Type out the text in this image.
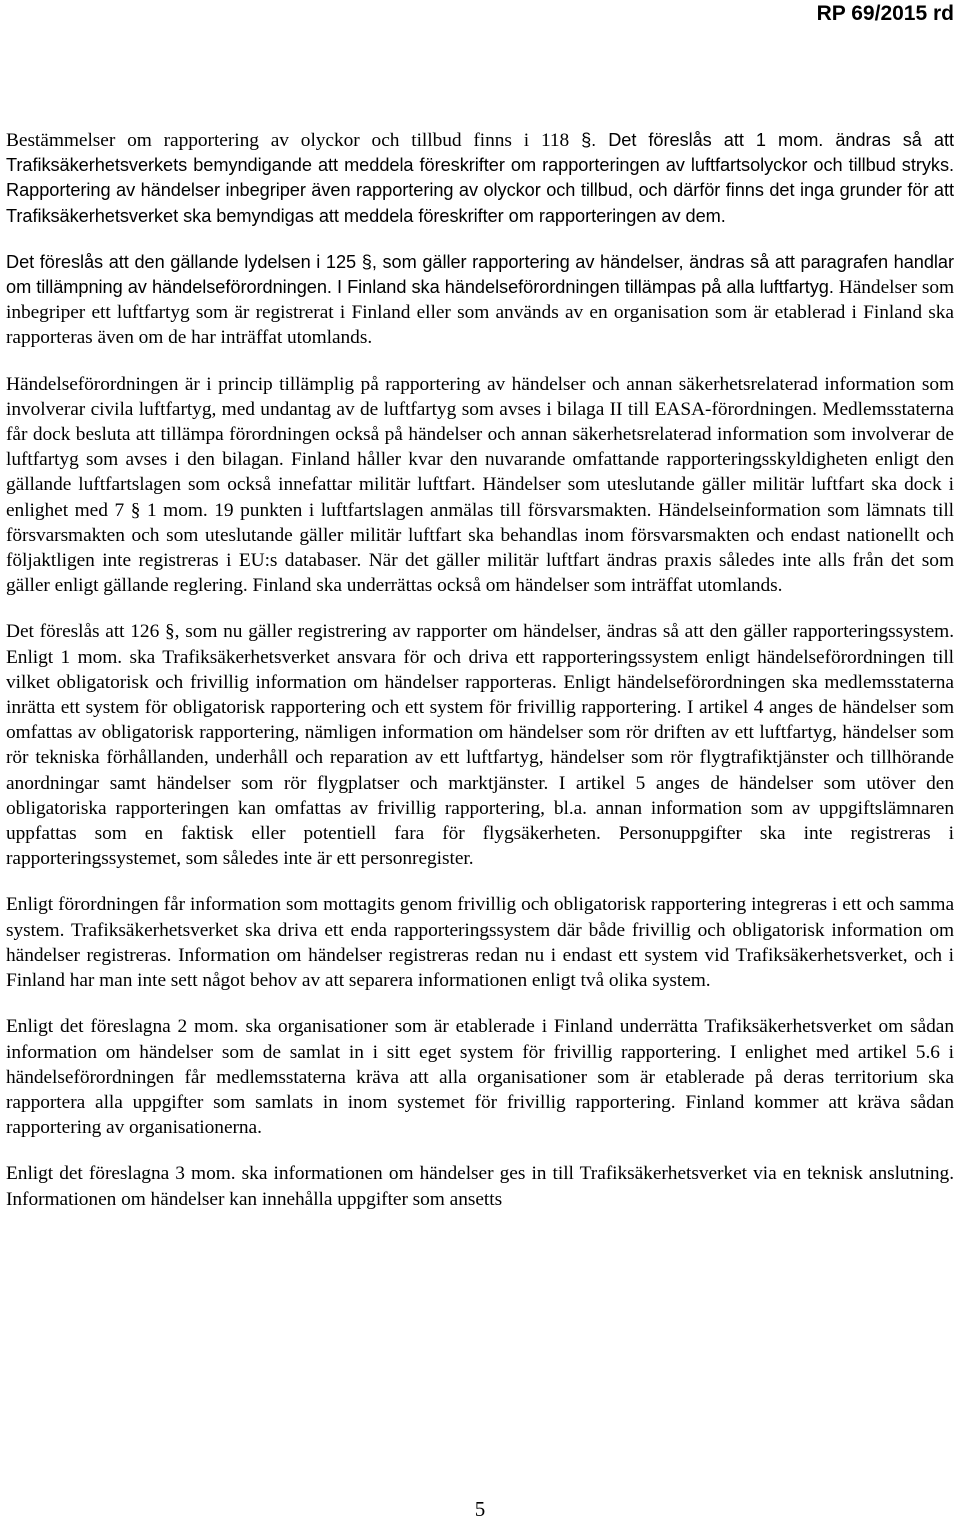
RP 69/2015 rd

Bestämmelser om rapportering av olyckor och tillbud finns i 118 §. Det föreslås att 1 mom. ändras så att Trafiksäkerhetsverkets bemyndigande att meddela föreskrifter om rapporteringen av luftfartsolyckor och tillbud stryks. Rapportering av händelser inbegriper även rapportering av olyckor och tillbud, och därför finns det inga grunder för att Trafiksäkerhetsverket ska bemyndigas att meddela föreskrifter om rapporteringen av dem.

Det föreslås att den gällande lydelsen i 125 §, som gäller rapportering av händelser, ändras så att paragrafen handlar om tillämpning av händelseförordningen. I Finland ska händelseförordningen tillämpas på alla luftfartyg. Händelser som inbegriper ett luftfartyg som är registrerat i Finland eller som används av en organisation som är etablerad i Finland ska rapporteras även om de har inträffat utomlands.

Händelseförordningen är i princip tillämplig på rapportering av händelser och annan säkerhetsrelaterad information som involverar civila luftfartyg, med undantag av de luftfartyg som avses i bilaga II till EASA-förordningen. Medlemsstaterna får dock besluta att tillämpa förordningen också på händelser och annan säkerhetsrelaterad information som involverar de luftfartyg som avses i den bilagan. Finland håller kvar den nuvarande omfattande rapporteringsskyldigheten enligt den gällande luftfartslagen som också innefattar militär luftfart. Händelser som uteslutande gäller militär luftfart ska dock i enlighet med 7 § 1 mom. 19 punkten i luftfartslagen anmälas till försvarsmakten. Händelseinformation som lämnats till försvarsmakten och som uteslutande gäller militär luftfart ska behandlas inom försvarsmakten och endast nationellt och följaktligen inte registreras i EU:s databaser. När det gäller militär luftfart ändras praxis således inte alls från det som gäller enligt gällande reglering. Finland ska underrättas också om händelser som inträffat utomlands.

Det föreslås att 126 §, som nu gäller registrering av rapporter om händelser, ändras så att den gäller rapporteringssystem. Enligt 1 mom. ska Trafiksäkerhetsverket ansvara för och driva ett rapporteringssystem enligt händelseförordningen till vilket obligatorisk och frivillig information om händelser rapporteras. Enligt händelseförordningen ska medlemsstaterna inrätta ett system för obligatorisk rapportering och ett system för frivillig rapportering. I artikel 4 anges de händelser som omfattas av obligatorisk rapportering, nämligen information om händelser som rör driften av ett luftfartyg, händelser som rör tekniska förhållanden, underhåll och reparation av ett luftfartyg, händelser som rör flygtrafiktjänster och tillhörande anordningar samt händelser som rör flygplatser och marktjänster. I artikel 5 anges de händelser som utöver den obligatoriska rapporteringen kan omfattas av frivillig rapportering, bl.a. annan information som av uppgiftslämnaren uppfattas som en faktisk eller potentiell fara för flygsäkerheten. Personuppgifter ska inte registreras i rapporteringssystemet, som således inte är ett personregister.

Enligt förordningen får information som mottagits genom frivillig och obligatorisk rapportering integreras i ett och samma system. Trafiksäkerhetsverket ska driva ett enda rapporteringssystem där både frivillig och obligatorisk information om händelser registreras. Information om händelser registreras redan nu i endast ett system vid Trafiksäkerhetsverket, och i Finland har man inte sett något behov av att separera informationen enligt två olika system.

Enligt det föreslagna 2 mom. ska organisationer som är etablerade i Finland underrätta Trafiksäkerhetsverket om sådan information om händelser som de samlat in i sitt eget system för frivillig rapportering. I enlighet med artikel 5.6 i händelseförordningen får medlemsstaterna kräva att alla organisationer som är etablerade på deras territorium ska rapportera alla uppgifter som samlats in inom systemet för frivillig rapportering. Finland kommer att kräva sådan rapportering av organisationerna.

Enligt det föreslagna 3 mom. ska informationen om händelser ges in till Trafiksäkerhetsverket via en teknisk anslutning. Informationen om händelser kan innehålla uppgifter som ansetts

5
